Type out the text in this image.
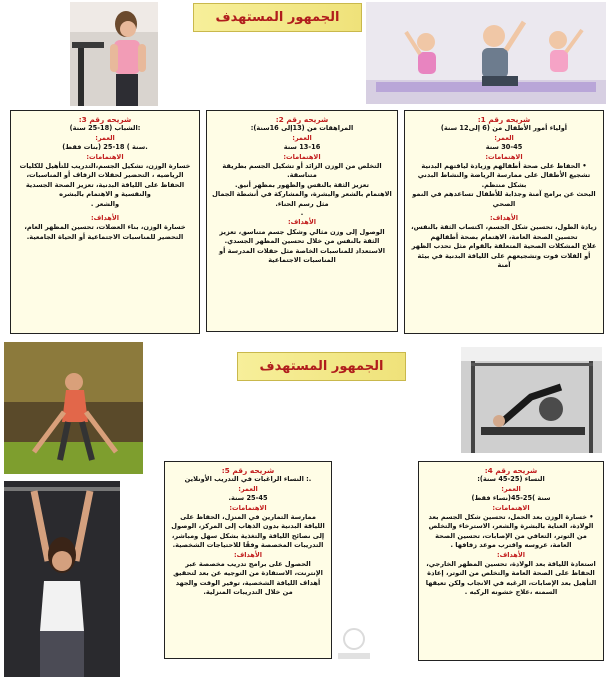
الجمهور المستهدف
الجمهور المستهدف

شريحه رقم 1:

أولياء أمور الأطفال من (6 إلى12 سنة)

العمر:

30-45 سنة

الاهتمامات:

• الحفاظ على صحة أطفالهم وزيادة لياقتهم البدنية

تشجيع الأطفال على ممارسة الرياضة والنشاط البدني بشكل منتظم.

البحث عن برامج آمنة وجذابة للأطفال تساعدهم في النمو الصحي

الأهداف:

زيادة الطول، تحسين شكل الجسم، اكتساب الثقة بالنفس، تحسين الصحة العامة، الاهتمام بصحة أطفالهم

علاج المشكلات الصحية المتعلقة بالقوام مثل تحدب الظهر أو الفلات فوت وتشجيعهم على اللياقة البدنية في بيئة آمنة

شريحه رقم 2:

المراهقات من (13إلى 16سنة):

العمر:

13-16 سنة

الاهتمامات:

التخلص من الوزن الزائد أو تشكيل الجسم بطريقة متناسقة.

تعزيز الثقة بالنفس والظهور بمظهر أنيق.

الاهتمام بالشعر والبشرة، والمشاركة في أنشطة الجمال مثل رسم الحناء.

.

الأهداف:

الوصول إلى وزن مثالي وشكل جسم متناسق، تعزيز الثقة بالنفس من خلال تحسين المظهر الجسدي.

الاستعداد للمناسبات الخاصة مثل حفلات المدرسة أو المناسبات الاجتماعية

شريحه رقم 3:

:الشباب (18-25 سنة)

العمر:

.سنة ) 18-25 (بنات فقط)

الاهتمامات:

خسارة الوزن، تشكيل الجسم،التدريب للتأهيل للكليات الرياضيه ، التحضير لحفلات الزفاف أو المناسبات، الحفاظ على اللياقة البدنية، تعزيز الصحة الجسدية والنفسية و الاهتمام بالبشره

والشعر .

الأهداف:

خسارة الوزن، بناء العضلات، تحسين المظهر العام، التحضير للمناسبات الاجتماعية أو الحياة الجامعية.

شريحه رقم 4:

النساء (25-45 سنة):

العمر:

سنة )25-45(نساء فقط)

الاهتمامات:

• خسارة الوزن بعد الحمل، تحسين شكل الجسم بعد الولادة، العناية بالبشرة والشعر، الاسترخاء والتخلص من التوتر، التعافي من الإصابات، تحسين الصحة العامة، عروسه واقترب موعد زفافها .

الأهداف:

استعادة اللياقة بعد الولادة، تحسين المظهر الخارجي، الحفاظ على الصحة العامة والتخلص من التوتر، إعادة التأهيل بعد الإصابات، الرغبه في الانجاب ولكن تعيقها السمنه ،علاج خشونه الركبه .

شريحه رقم 5:

.: النساء الراغبات في التدريب الأونلاين

العمر:

25-45 سنة.

الاهتمامات:

ممارسة التمارين في المنزل، الحفاظ على اللياقة البدنية بدون الذهاب إلى المركز، الوصول إلى نصائح اللياقة والتغذية بشكل سهل ومباشر، التدريبات المخصصة وفقًا للاحتياجات الشخصية.

الأهداف:

الحصول على برامج تدريب مخصصة عبر الإنترنت، الاستفادة من التوجيه عن بعد لتحقيق أهداف اللياقة الشخصية، توفير الوقت والجهد من خلال التدريبات المنزلية.
